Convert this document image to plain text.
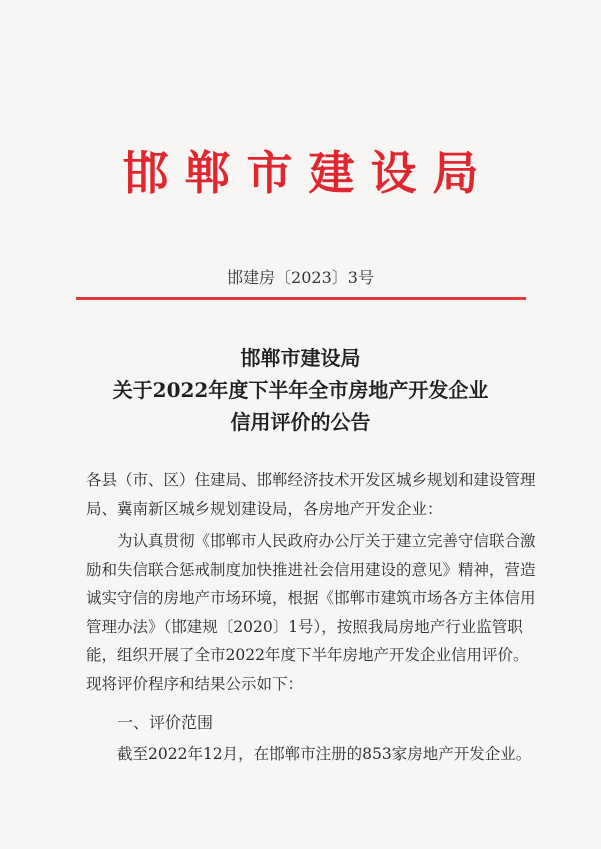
邯郸市建设局
邯建房〔2023〕3号
邯郸市建设局
关于2022年度下半年全市房地产开发企业
信用评价的公告
各县（市、区）住建局、邯郸经济技术开发区城乡规划和建设管理局、冀南新区城乡规划建设局，各房地产开发企业：
为认真贯彻《邯郸市人民政府办公厅关于建立完善守信联合激励和失信联合惩戒制度加快推进社会信用建设的意见》精神，营造诚实守信的房地产市场环境，根据《邯郸市建筑市场各方主体信用管理办法》（邯建规〔2020〕1号），按照我局房地产行业监管职能，组织开展了全市2022年度下半年房地产开发企业信用评价。现将评价程序和结果公示如下：
一、评价范围
截至2022年12月，在邯郸市注册的853家房地产开发企业。
